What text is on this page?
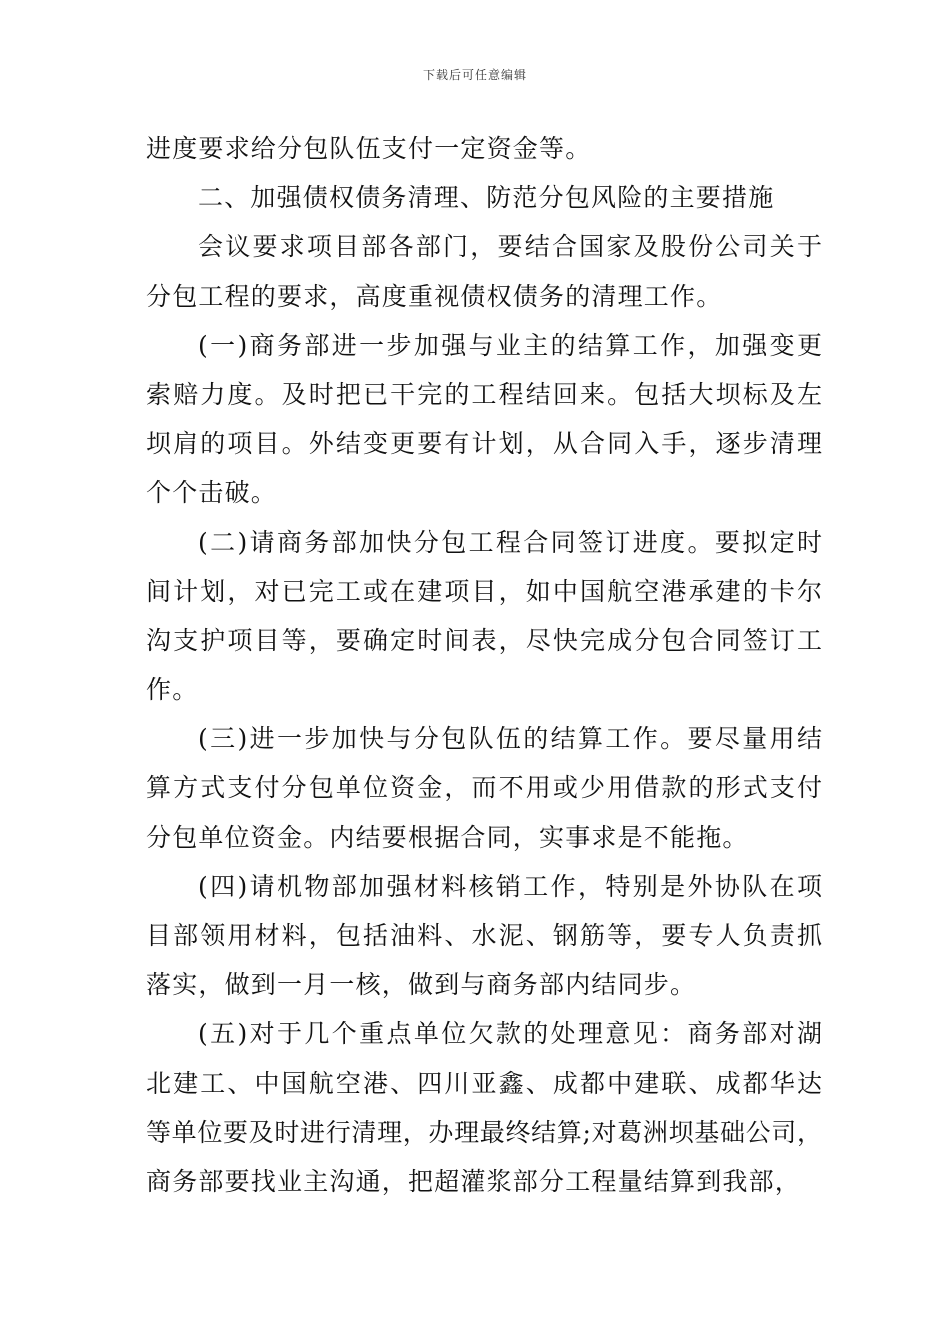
下载后可任意编辑
进度要求给分包队伍支付一定资金等。
二、加强债权债务清理、防范分包风险的主要措施
会议要求项目部各部门，要结合国家及股份公司关于
分包工程的要求，高度重视债权债务的清理工作。
(一)商务部进一步加强与业主的结算工作，加强变更
索赔力度。及时把已干完的工程结回来。包括大坝标及左
坝肩的项目。外结变更要有计划，从合同入手，逐步清理
个个击破。
(二)请商务部加快分包工程合同签订进度。要拟定时
间计划，对已完工或在建项目，如中国航空港承建的卡尔
沟支护项目等，要确定时间表，尽快完成分包合同签订工
作。
(三)进一步加快与分包队伍的结算工作。要尽量用结
算方式支付分包单位资金，而不用或少用借款的形式支付
分包单位资金。内结要根据合同，实事求是不能拖。
(四)请机物部加强材料核销工作，特别是外协队在项
目部领用材料，包括油料、水泥、钢筋等，要专人负责抓
落实，做到一月一核，做到与商务部内结同步。
(五)对于几个重点单位欠款的处理意见：商务部对湖
北建工、中国航空港、四川亚鑫、成都中建联、成都华达
等单位要及时进行清理，办理最终结算;对葛洲坝基础公司，
商务部要找业主沟通，把超灌浆部分工程量结算到我部，
